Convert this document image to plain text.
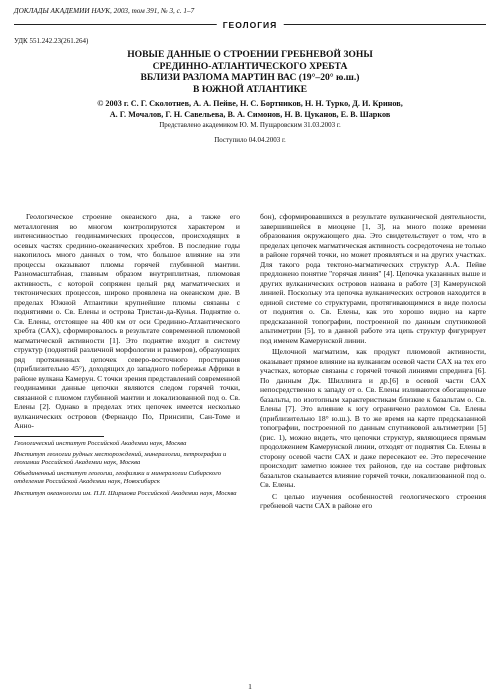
ДОКЛАДЫ АКАДЕМИИ НАУК, 2003, том 391, № 3, с. 1–7
ГЕОЛОГИЯ
УДК 551.242.23(261.264)
НОВЫЕ ДАННЫЕ О СТРОЕНИИ ГРЕБНЕВОЙ ЗОНЫ
СРЕДИННО-АТЛАНТИЧЕСКОГО ХРЕБТА
ВБЛИЗИ РАЗЛОМА МАРТИН ВАС (19°–20° ю.ш.)
В ЮЖНОЙ АТЛАНТИКЕ
© 2003 г. С. Г. Сколотнев, А. А. Пейве, Н. С. Бортников, Н. Н. Турко, Д. И. Кринов,
А. Г. Мочалов, Г. Н. Савельева, В. А. Симонов, Н. В. Цуканов, Е. В. Шарков
Представлено академиком Ю. М. Пущаровским 31.03.2003 г.
Поступило 04.04.2003 г.

Геологическое строение океанского дна, а также его металлогения во многом контролируются характером и интенсивностью геодинамических процессов, происходящих в осевых частях срединно-океанических хребтов. В последние годы накопилось много данных о том, что большое влияние на эти процессы оказывают плюмы горячей глубинной мантии. Разномасштабная, главным образом внутриплитная, плюмовая активность, с которой сопряжен целый ряд магматических и тектонических процессов, широко проявлена на океанском дне. В пределах Южной Атлантики крупнейшие плюмы связаны с поднятиями о. Св. Елены и острова Тристан-да-Кунья. Поднятие о. Св. Елены, отстоящее на 400 км от оси Срединно-Атлантического хребта (САХ), сформировалось в результате современной плюмовой магматической активности [1]. Это поднятие входит в систему структур (поднятий различной морфологии и размеров), образующих ряд протяженных цепочек северо-восточного простирания (приблизительно 45°), доходящих до западного побережья Африки в районе вулкана Камерун. С точки зрения представлений современной геодинамики данные цепочки являются следом горячей точки, связанной с плюмом глубинной мантии и локализованной под о. Св. Елены [2]. Однако в пределах этих цепочек имеется несколько вулканических островов (Фернандо По, Принсипи, Сан-Томе и Анно-

Геологический институт Российской Академии наук, Москва
Институт геологии рудных месторождений, минералогии, петрографии и геохимии Российской Академии наук, Москва
Объединенный институт геологии, геофизики и минералогии Сибирского отделения Российской Академии наук, Новосибирск
Институт океанологии им. П.П. Ширшова Российской Академии наук, Москва

бон), сформировавшихся в результате вулканической деятельности, завершившейся в миоцене [1, 3], на много позже времени образования окружающего дна. Это свидетельствует о том, что в пределах цепочек магматическая активность сосредоточена не только в районе горячей точки, но может проявляться и на других участках. Для такого рода тектоно-магматических структур А.А. Пейве предложено понятие "горячая линия" [4]. Цепочка указанных выше и других вулканических островов названа в работе [3] Камерунской линией. Поскольку эта цепочка вулканических островов находится в единой системе со структурами, протягивающимися в виде полосы от поднятия о. Св. Елены, как это хорошо видно на карте предсказанной топографии, построенной по данным спутниковой альтиметрии [5], то в данной работе эта цепь структур фигурирует под именем Камерунской линии.

Щелочной магматизм, как продукт плюмовой активности, оказывает прямое влияние на вулканизм осевой части САХ на тех его участках, которые связаны с горячей точкой линиями спрединга [6]. По данным Дж. Шиллинга и др.[6] в осевой части САХ непосредственно к западу от о. Св. Елены изливаются обогащенные базальты, по изотопным характеристикам близкие к базальтам о. Св. Елены [7]. Это влияние к югу ограничено разломом Св. Елены (приблизительно 18° ю.ш.). В то же время на карте предсказанной топографии, построенной по данным спутниковой альтиметрии [5] (рис. 1), можно видеть, что цепочки структур, являющиеся прямым продолжением Камерунской линии, отходят от поднятия Св. Елены в сторону осевой части САХ и даже пересекают ее. Это пересечение происходит заметно южнее тех районов, где на составе рифтовых базальтов сказывается влияние горячей точки, локализованной под о. Св. Елены.

С целью изучения особенностей геологического строения гребневой части САХ в районе его

1
